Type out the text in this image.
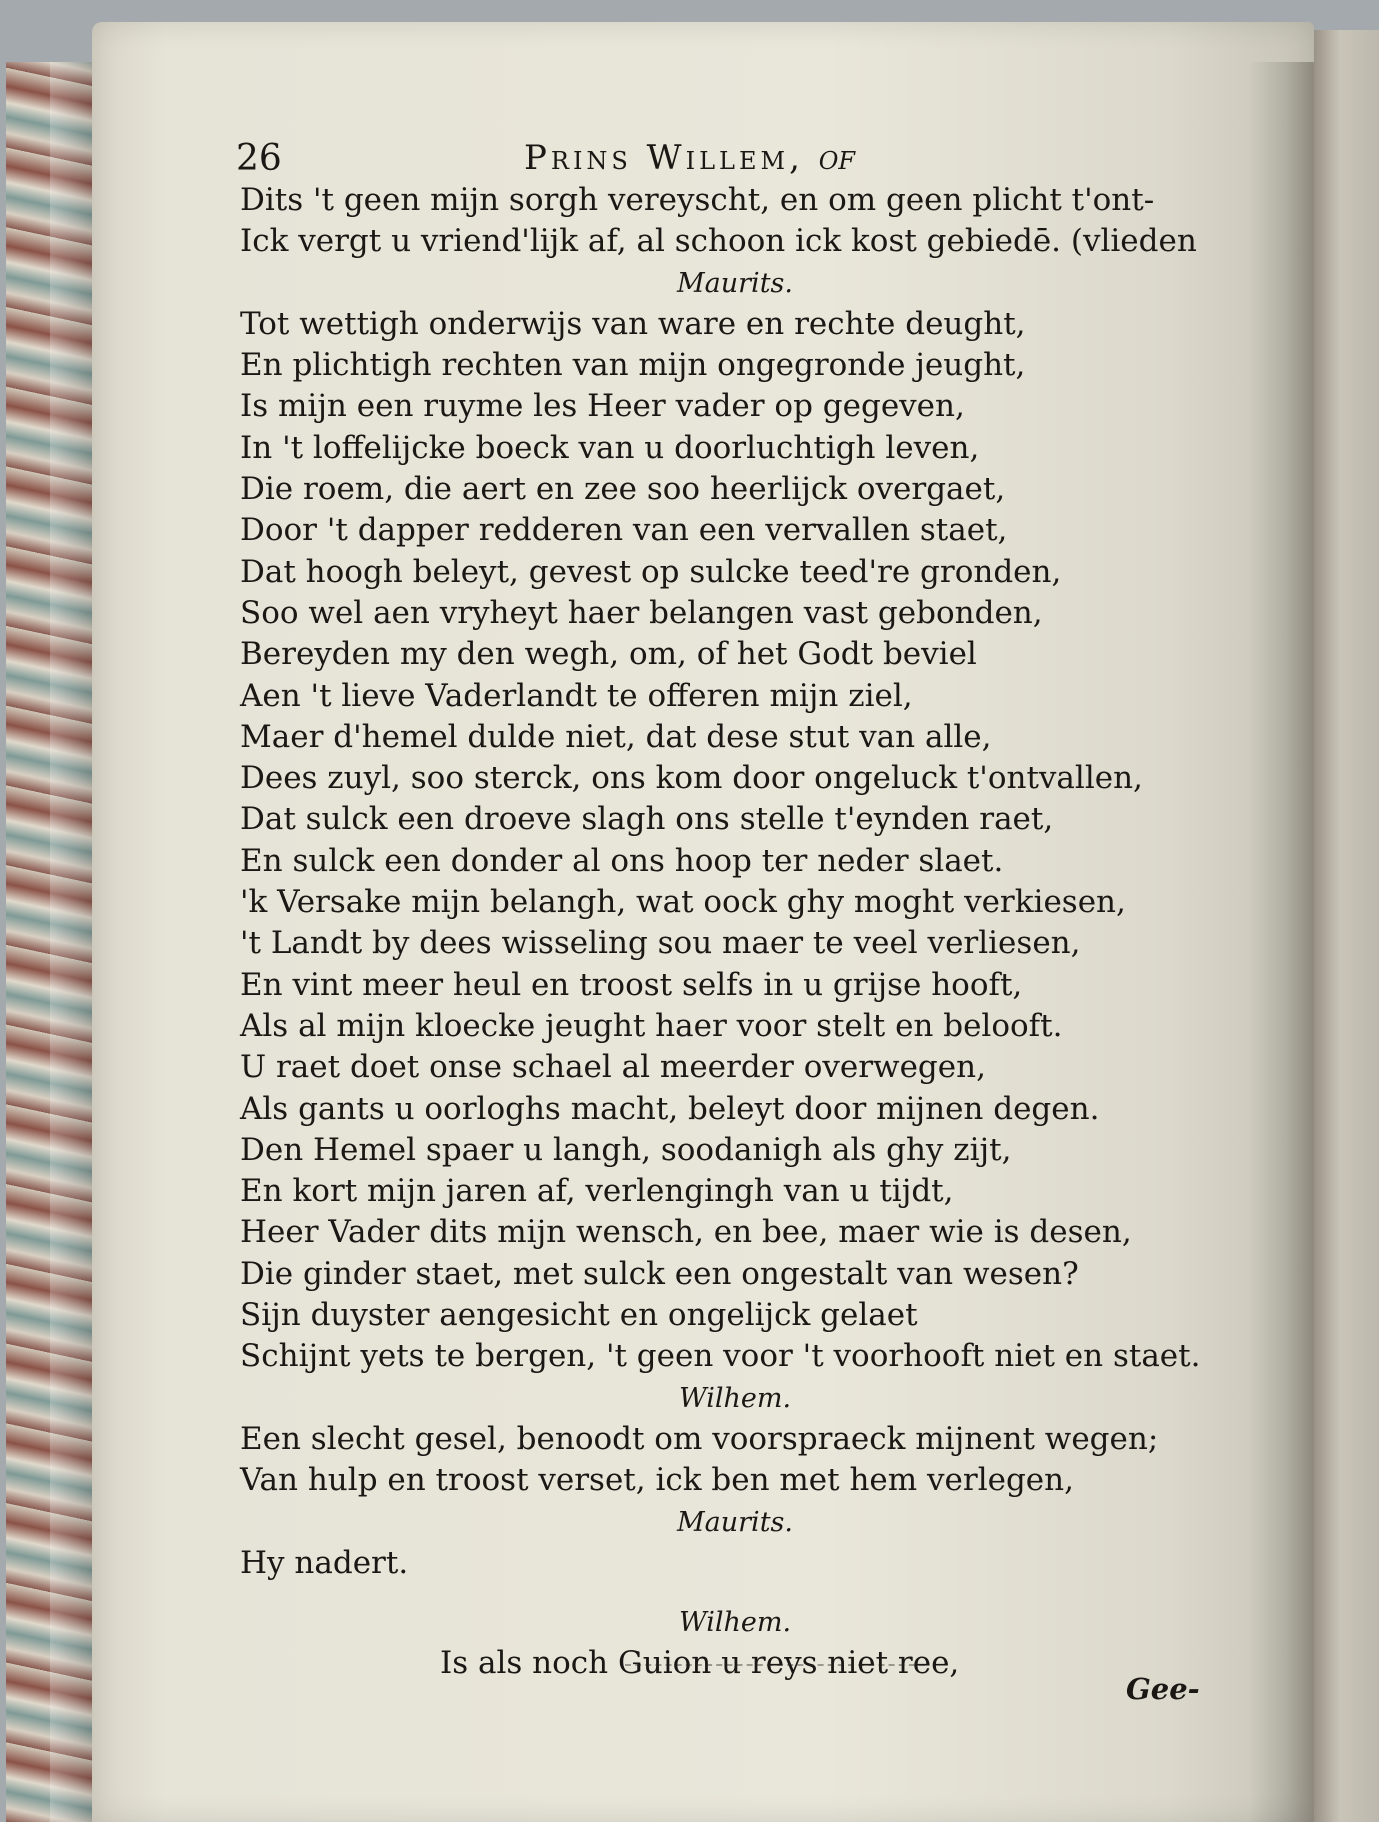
26	Prins Willem, of
Dits 't geen mijn sorgh vereyscht, en om geen plicht t'ont-
Ick vergt u vriend'lijk af, al schoon ick kost gebiedē. (vlieden
Maurits.
Tot wettigh onderwijs van ware en rechte deught,
En plichtigh rechten van mijn ongegronde jeught,
Is mijn een ruyme les Heer vader op gegeven,
In 't loffelijcke boeck van u doorluchtigh leven,
Die roem, die aert en zee soo heerlijck overgaet,
Door 't dapper redderen van een vervallen staet,
Dat hoogh beleyt, gevest op sulcke teed're gronden,
Soo wel aen vryheyt haer belangen vast gebonden,
Bereyden my den wegh, om, of het Godt beviel
Aen 't lieve Vaderlandt te offeren mijn ziel,
Maer d'hemel dulde niet, dat dese stut van alle,
Dees zuyl, soo sterck, ons kom door ongeluck t'ontvallen,
Dat sulck een droeve slagh ons stelle t'eynden raet,
En sulck een donder al ons hoop ter neder slaet.
'k Versake mijn belangh, wat oock ghy moght verkiesen,
't Landt by dees wisseling sou maer te veel verliesen,
En vint meer heul en troost selfs in u grijse hooft,
Als al mijn kloecke jeught haer voor stelt en belooft.
U raet doet onse schael al meerder overwegen,
Als gants u oorloghs macht, beleyt door mijnen degen.
Den Hemel spaer u langh, soodanigh als ghy zijt,
En kort mijn jaren af, verlengingh van u tijdt,
Heer Vader dits mijn wensch, en bee, maer wie is desen,
Die ginder staet, met sulck een ongestalt van wesen?
Sijn duyster aengesicht en ongelijck gelaet
Schijnt yets te bergen, 't geen voor 't voorhooft niet en staet.
Wilhem.
Een slecht gesel, benoodt om voorspraeck mijnent wegen;
Van hulp en troost verset, ick ben met hem verlegen,
Maurits.
Hy nadert.
Wilhem.
Is als noch Guion u reys niet ree,
Gee-
